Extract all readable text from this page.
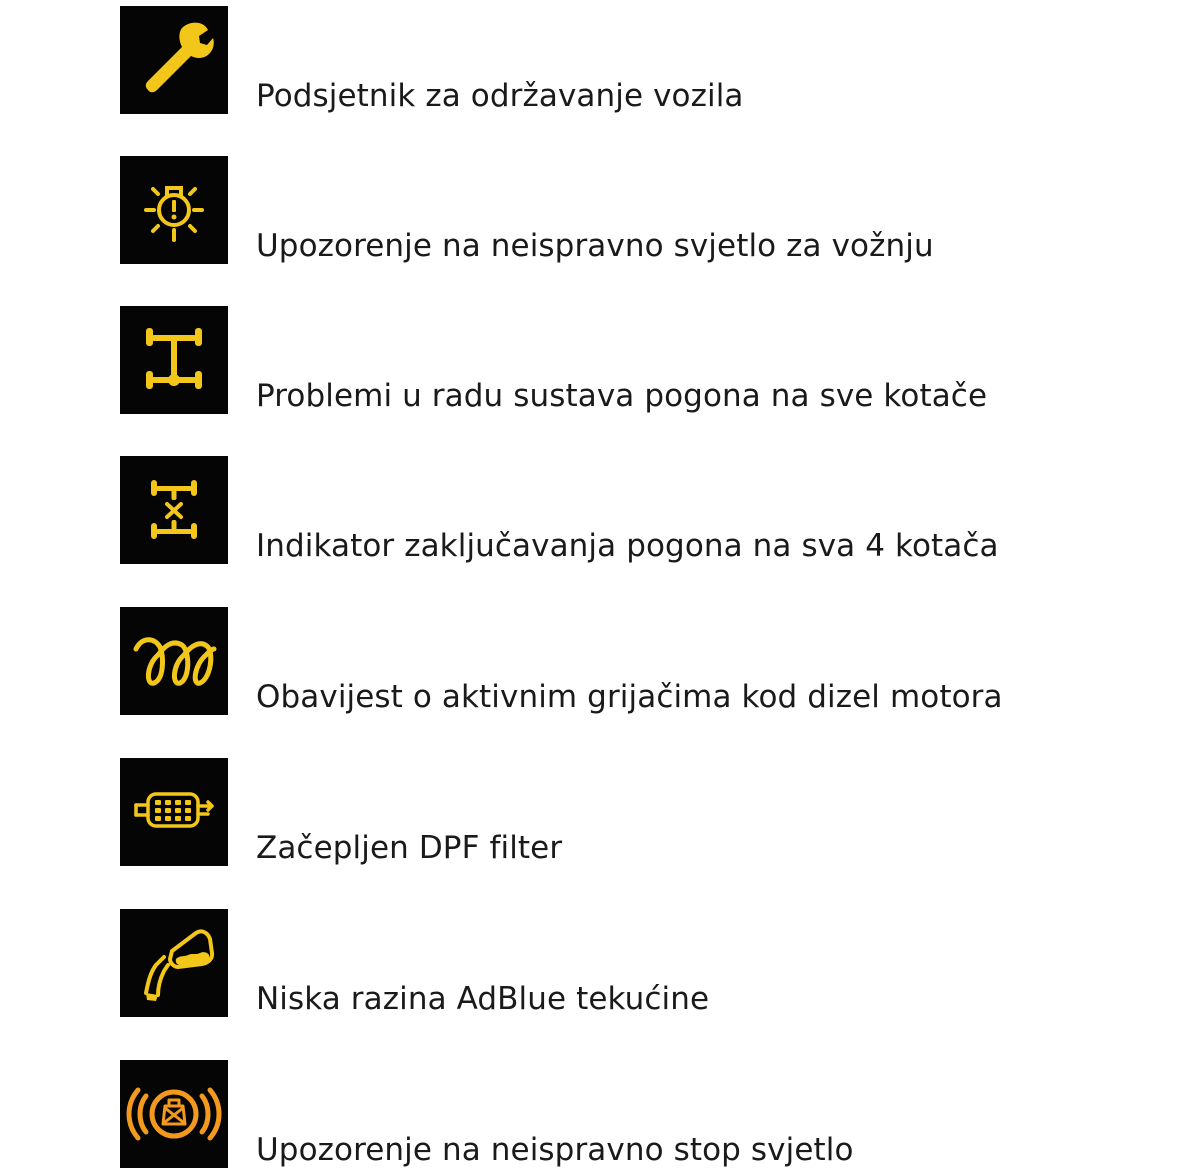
Podsjetnik za održavanje vozila
Upozorenje na neispravno svjetlo za vožnju
Problemi u radu sustava pogona na sve kotače
Indikator zaključavanja pogona na sva 4 kotača
Obavijest o aktivnim grijačima kod dizel motora
Začepljen DPF filter
Niska razina AdBlue tekućine
Upozorenje na neispravno stop svjetlo
